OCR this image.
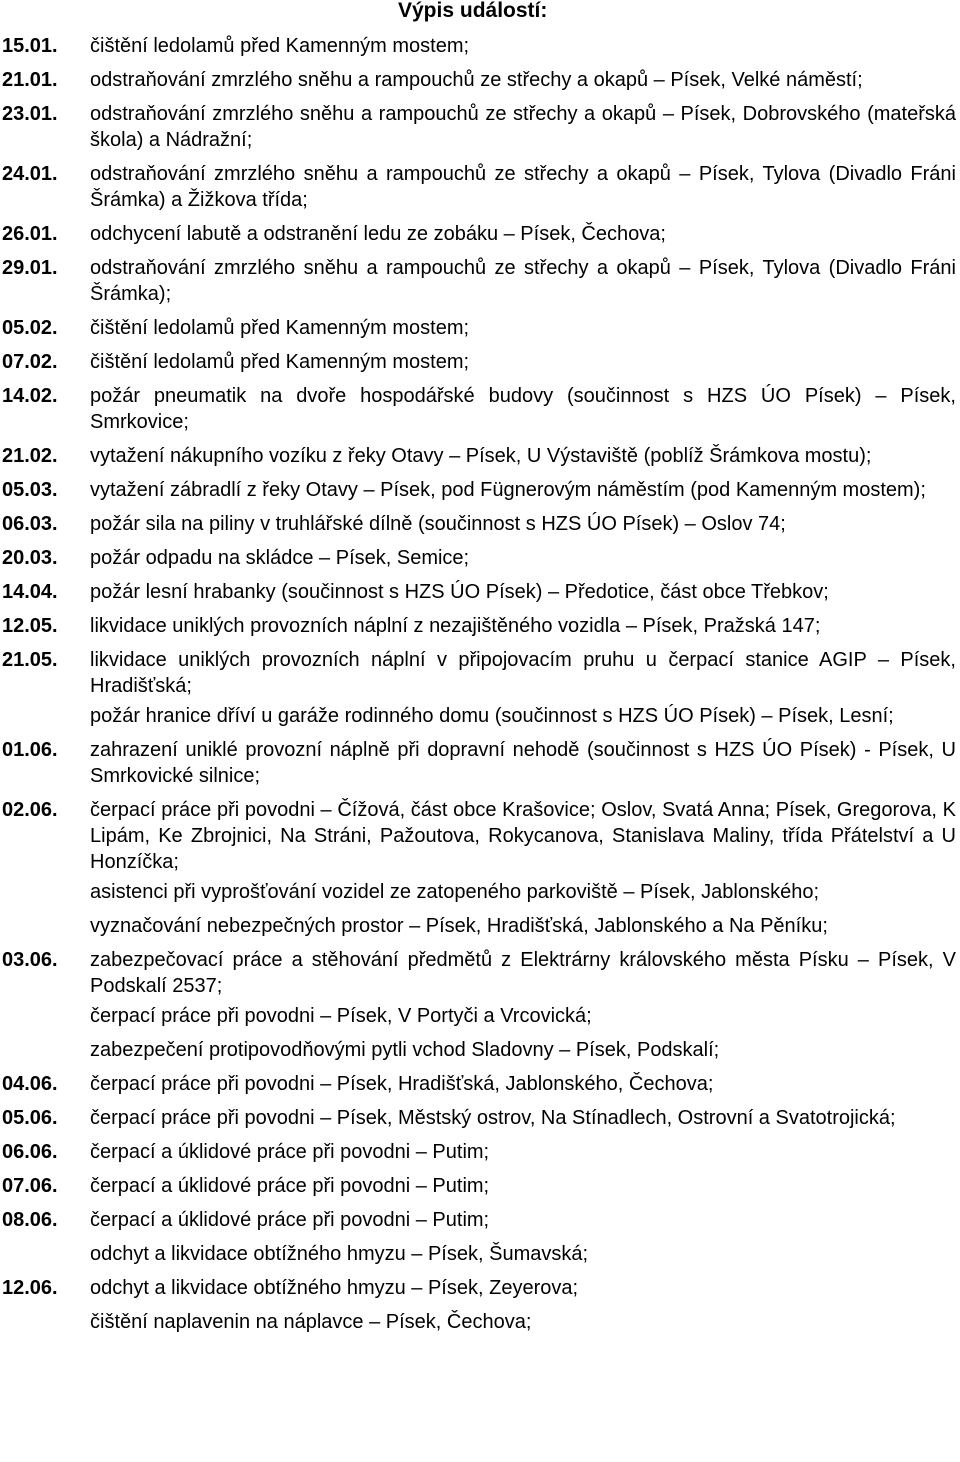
Výpis událostí:
15.01.	čištění ledolamů před Kamenným mostem;
21.01.	odstraňování zmrzlého sněhu a rampouchů ze střechy a okapů – Písek, Velké náměstí;
23.01.	odstraňování zmrzlého sněhu a rampouchů ze střechy a okapů – Písek, Dobrovského (mateřská škola) a Nádražní;
24.01.	odstraňování zmrzlého sněhu a rampouchů ze střechy a okapů – Písek, Tylova (Divadlo Fráni Šrámka) a Žižkova třída;
26.01.	odchycení labutě a odstranění ledu ze zobáku – Písek, Čechova;
29.01.	odstraňování zmrzlého sněhu a rampouchů ze střechy a okapů – Písek, Tylova (Divadlo Fráni Šrámka);
05.02.	čištění ledolamů před Kamenným mostem;
07.02.	čištění ledolamů před Kamenným mostem;
14.02.	požár pneumatik na dvoře hospodářské budovy (součinnost s HZS ÚO Písek) – Písek, Smrkovice;
21.02.	vytažení nákupního vozíku z řeky Otavy – Písek, U Výstaviště (poblíž Šrámkova mostu);
05.03.	vytažení zábradlí z řeky Otavy – Písek, pod Fügnerovým náměstím (pod Kamenným mostem);
06.03.	požár sila na piliny v truhlářské dílně (součinnost s HZS ÚO Písek) – Oslov 74;
20.03.	požár odpadu na skládce – Písek, Semice;
14.04.	požár lesní hrabanky (součinnost s HZS ÚO Písek) – Předotice, část obce Třebkov;
12.05.	likvidace uniklých provozních náplní z nezajištěného vozidla – Písek, Pražská 147;
21.05.	likvidace uniklých provozních náplní v připojovacím pruhu u čerpací stanice AGIP – Písek, Hradišťská;
požár hranice dříví u garáže rodinného domu (součinnost s HZS ÚO Písek) – Písek, Lesní;
01.06.	zahrazení uniklé provozní náplně při dopravní nehodě (součinnost s HZS ÚO Písek) - Písek, U Smrkovické silnice;
02.06.	čerpací práce při povodni – Čížová, část obce Krašovice; Oslov, Svatá Anna; Písek, Gregorova, K Lipám, Ke Zbrojnici, Na Stráni, Pažoutova, Rokycanova, Stanislava Maliny, třída Přátelství a U Honzíčka;
asistenci při vyprošťování vozidel ze zatopeného parkoviště – Písek, Jablonského;
vyznačování nebezpečných prostor – Písek, Hradišťská, Jablonského a Na Pěníku;
03.06.	zabezpečovací práce a stěhování předmětů z Elektrárny královského města Písku – Písek, V Podskalí 2537;
čerpací práce při povodni – Písek, V Portyči a Vrcovická;
zabezpečení protipovodňovými pytli vchod Sladovny – Písek, Podskalí;
04.06.	čerpací práce při povodni – Písek, Hradišťská, Jablonského, Čechova;
05.06.	čerpací práce při povodni – Písek, Městský ostrov, Na Stínadlech, Ostrovní a Svatotrojická;
06.06.	čerpací a úklidové práce při povodni – Putim;
07.06.	čerpací a úklidové práce při povodni – Putim;
08.06.	čerpací a úklidové práce při povodni – Putim;
odchyt a likvidace obtížného hmyzu – Písek, Šumavská;
12.06.	odchyt a likvidace obtížného hmyzu – Písek, Zeyerova;
čištění naplavenin na náplavce – Písek, Čechova;
